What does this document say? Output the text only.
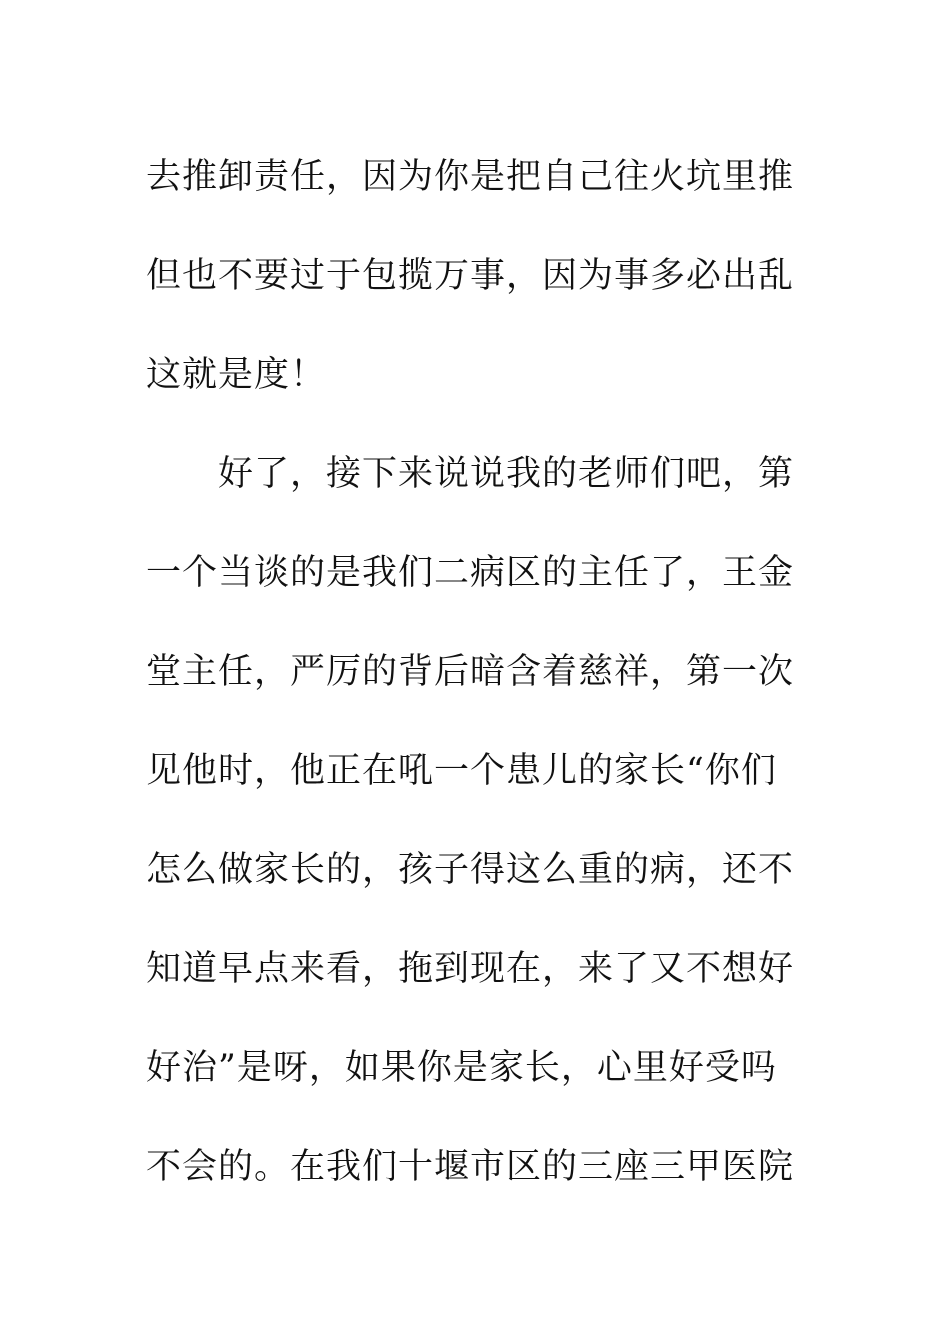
去推卸责任，因为你是把自己往火坑里推
但也不要过于包揽万事，因为事多必出乱
这就是度！
好了，接下来说说我的老师们吧，第
一个当谈的是我们二病区的主任了，王金
堂主任，严厉的背后暗含着慈祥，第一次
见他时，他正在吼一个患儿的家长“你们
怎么做家长的，孩子得这么重的病，还不
知道早点来看，拖到现在，来了又不想好
好治”是呀，如果你是家长，心里好受吗
不会的。在我们十堰市区的三座三甲医院
